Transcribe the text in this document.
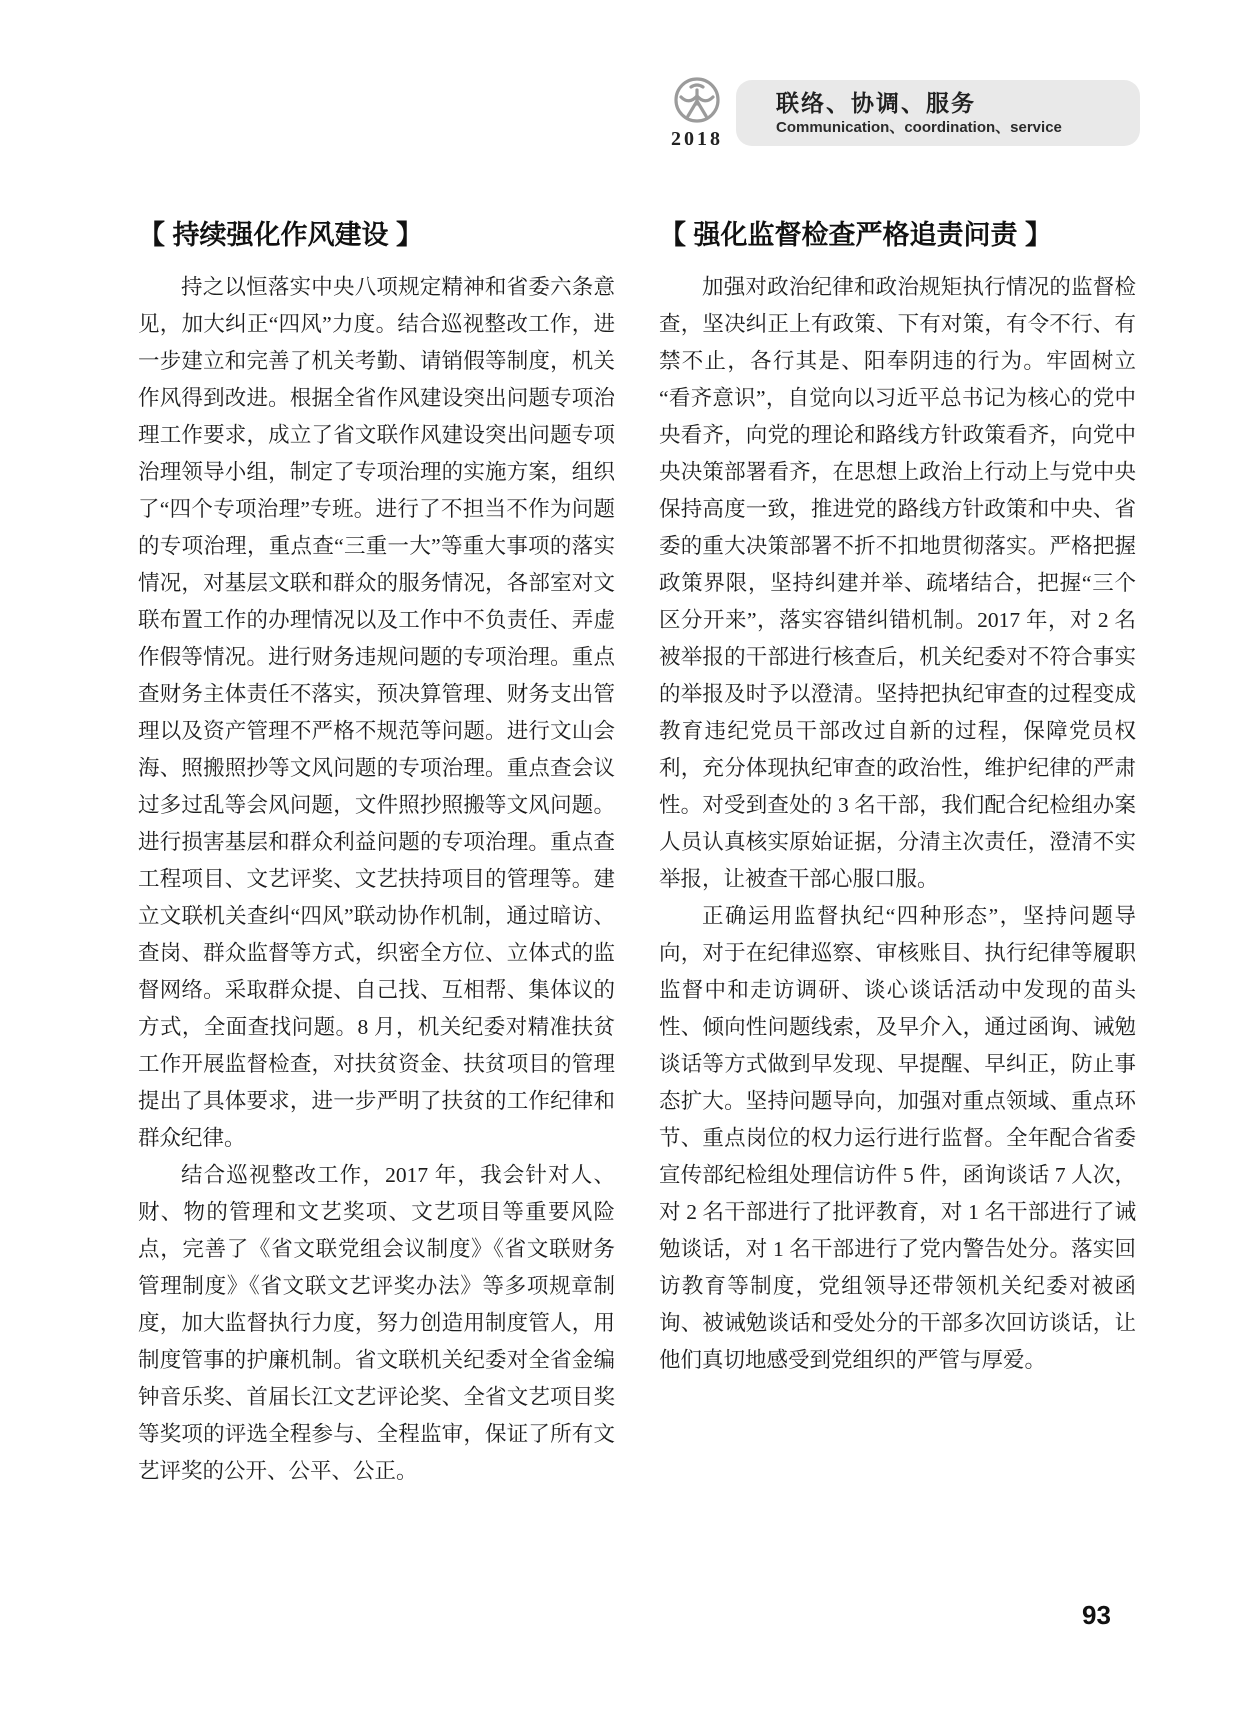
2018
联络、协调、服务
Communication、coordination、service
【 持续强化作风建设 】

持之以恒落实中央八项规定精神和省委六条意见，加大纠正“四风”力度。结合巡视整改工作，进一步建立和完善了机关考勤、请销假等制度，机关作风得到改进。根据全省作风建设突出问题专项治理工作要求，成立了省文联作风建设突出问题专项治理领导小组，制定了专项治理的实施方案，组织了“四个专项治理”专班。进行了不担当不作为问题的专项治理，重点查“三重一大”等重大事项的落实情况，对基层文联和群众的服务情况，各部室对文联布置工作的办理情况以及工作中不负责任、弄虚作假等情况。进行财务违规问题的专项治理。重点查财务主体责任不落实，预决算管理、财务支出管理以及资产管理不严格不规范等问题。进行文山会海、照搬照抄等文风问题的专项治理。重点查会议过多过乱等会风问题，文件照抄照搬等文风问题。进行损害基层和群众利益问题的专项治理。重点查工程项目、文艺评奖、文艺扶持项目的管理等。建立文联机关查纠“四风”联动协作机制，通过暗访、查岗、群众监督等方式，织密全方位、立体式的监督网络。采取群众提、自己找、互相帮、集体议的方式，全面查找问题。8 月，机关纪委对精准扶贫工作开展监督检查，对扶贫资金、扶贫项目的管理提出了具体要求，进一步严明了扶贫的工作纪律和群众纪律。

结合巡视整改工作，2017 年，我会针对人、财、物的管理和文艺奖项、文艺项目等重要风险点，完善了《省文联党组会议制度》《省文联财务管理制度》《省文联文艺评奖办法》等多项规章制度，加大监督执行力度，努力创造用制度管人，用制度管事的护廉机制。省文联机关纪委对全省金编钟音乐奖、首届长江文艺评论奖、全省文艺项目奖等奖项的评选全程参与、全程监审，保证了所有文艺评奖的公开、公平、公正。

【 强化监督检查严格追责问责 】

加强对政治纪律和政治规矩执行情况的监督检查，坚决纠正上有政策、下有对策，有令不行、有禁不止，各行其是、阳奉阴违的行为。牢固树立“看齐意识”，自觉向以习近平总书记为核心的党中央看齐，向党的理论和路线方针政策看齐，向党中央决策部署看齐，在思想上政治上行动上与党中央保持高度一致，推进党的路线方针政策和中央、省委的重大决策部署不折不扣地贯彻落实。严格把握政策界限，坚持纠建并举、疏堵结合，把握“三个区分开来”，落实容错纠错机制。2017 年，对 2 名被举报的干部进行核查后，机关纪委对不符合事实的举报及时予以澄清。坚持把执纪审查的过程变成教育违纪党员干部改过自新的过程，保障党员权利，充分体现执纪审查的政治性，维护纪律的严肃性。对受到查处的 3 名干部，我们配合纪检组办案人员认真核实原始证据，分清主次责任，澄清不实举报，让被查干部心服口服。

正确运用监督执纪“四种形态”，坚持问题导向，对于在纪律巡察、审核账目、执行纪律等履职监督中和走访调研、谈心谈话活动中发现的苗头性、倾向性问题线索，及早介入，通过函询、诫勉谈话等方式做到早发现、早提醒、早纠正，防止事态扩大。坚持问题导向，加强对重点领域、重点环节、重点岗位的权力运行进行监督。全年配合省委宣传部纪检组处理信访件 5 件，函询谈话 7 人次，对 2 名干部进行了批评教育，对 1 名干部进行了诫勉谈话，对 1 名干部进行了党内警告处分。落实回访教育等制度，党组领导还带领机关纪委对被函询、被诫勉谈话和受处分的干部多次回访谈话，让他们真切地感受到党组织的严管与厚爱。

93
